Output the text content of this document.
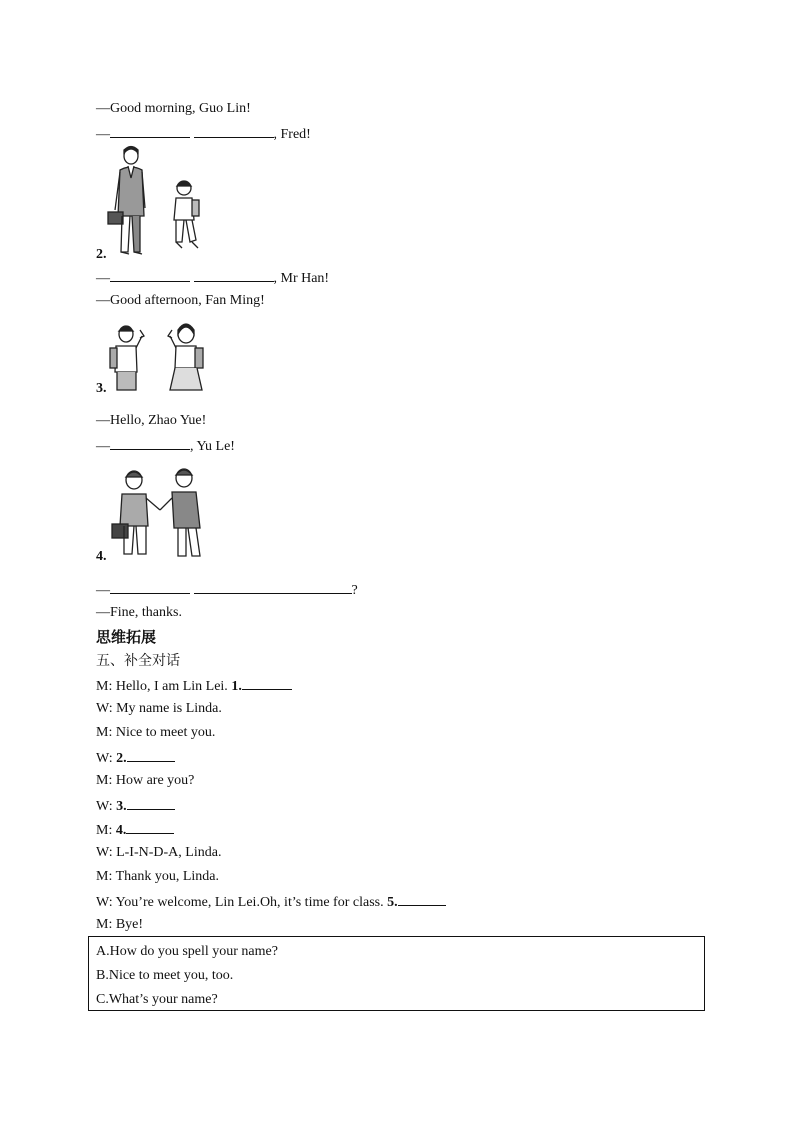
—Good morning, Guo Lin!
—	, Fred!
2.
—	, Mr Han!
—Good afternoon, Fan Ming!
3.
—Hello, Zhao Yue!
—	, Yu Le!
4.
—	?
—Fine, thanks.
思维拓展
五、补全对话
M: Hello, I am Lin Lei. 1.
W: My name is Linda.
M: Nice to meet you.
W: 2.
M: How are you?
W: 3.
M: 4.
W: L-I-N-D-A, Linda.
M: Thank you, Linda.
W: You’re welcome, Lin Lei.Oh, it’s time for class. 5.
M: Bye!
A.How do you spell your name?
B.Nice to meet you, too.
C.What’s your name?
